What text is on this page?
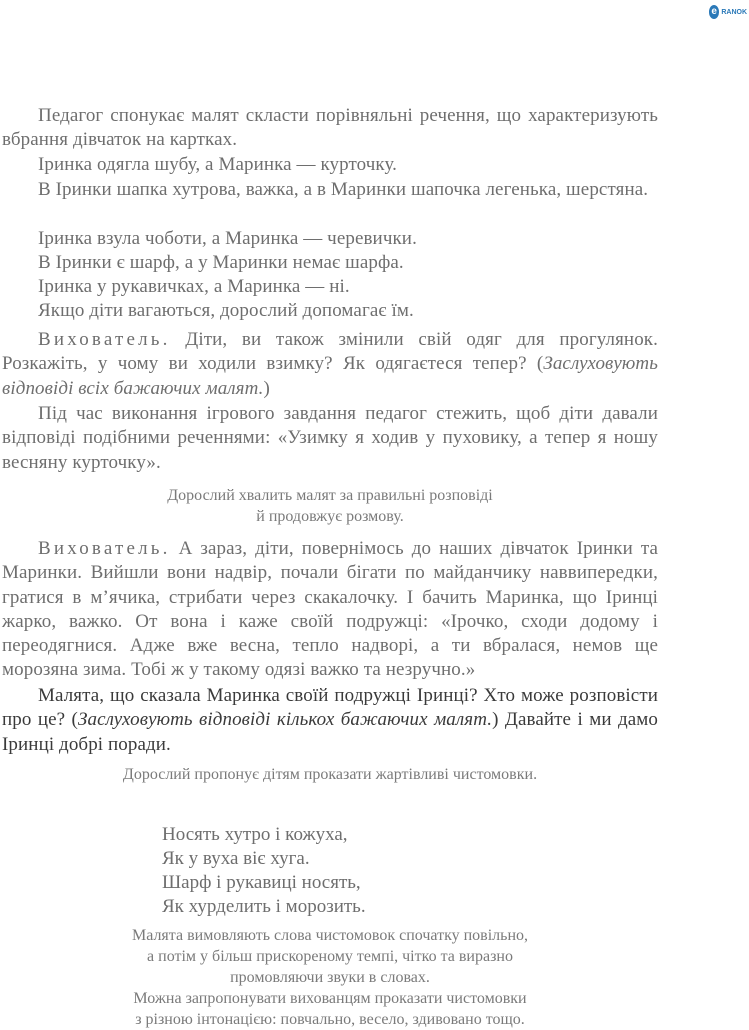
e RANOK

Педагог спонукає малят скласти порівняльні речення, що характеризують вбрання дівчаток на картках.

Іринка одягла шубу, а Маринка — курточку.

В Іринки шапка хутрова, важка, а в Маринки шапочка легенька, шерстяна.

Іринка взула чоботи, а Маринка — черевички.

В Іринки є шарф, а у Маринки немає шарфа.

Іринка у рукавичках, а Маринка — ні.

Якщо діти вагаються, дорослий допомагає їм.

Вихователь. Діти, ви також змінили свій одяг для прогулянок. Розкажіть, у чому ви ходили взимку? Як одягаєтеся тепер? (Заслуховують відповіді всіх бажаючих малят.)

Під час виконання ігрового завдання педагог стежить, щоб діти давали відповіді подібними реченнями: «Узимку я ходив у пуховику, а тепер я ношу весняну курточку».

Дорослий хвалить малят за правильні розповіді
й продовжує розмову.

Вихователь. А зараз, діти, повернімось до наших дівчаток Іринки та Маринки. Вийшли вони надвір, почали бігати по майданчику наввипередки, гратися в м’ячика, стрибати через скакалочку. І бачить Маринка, що Іринці жарко, важко. От вона і каже своїй подружці: «Ірочко, сходи додому і переодягнися. Адже вже весна, тепло надворі, а ти вбралася, немов ще морозяна зима. Тобі ж у такому одязі важко та незручно.»

Малята, що сказала Маринка своїй подружці Іринці? Хто може розповісти про це? (Заслуховують відповіді кількох бажаючих малят.) Давайте і ми дамо Іринці добрі поради.

Дорослий пропонує дітям проказати жартівливі чистомовки.
Носять хутро і кожуха,
Як у вуха віє хуга.
Шарф і рукавиці носять,
Як хурделить і морозить.
Малята вимовляють слова чистомовок спочатку повільно,
а потім у більш прискореному темпі, чітко та виразно
промовляючи звуки в словах.
Можна запропонувати вихованцям проказати чистомовки
з різною інтонацією: повчально, весело, здивовано тощо.
